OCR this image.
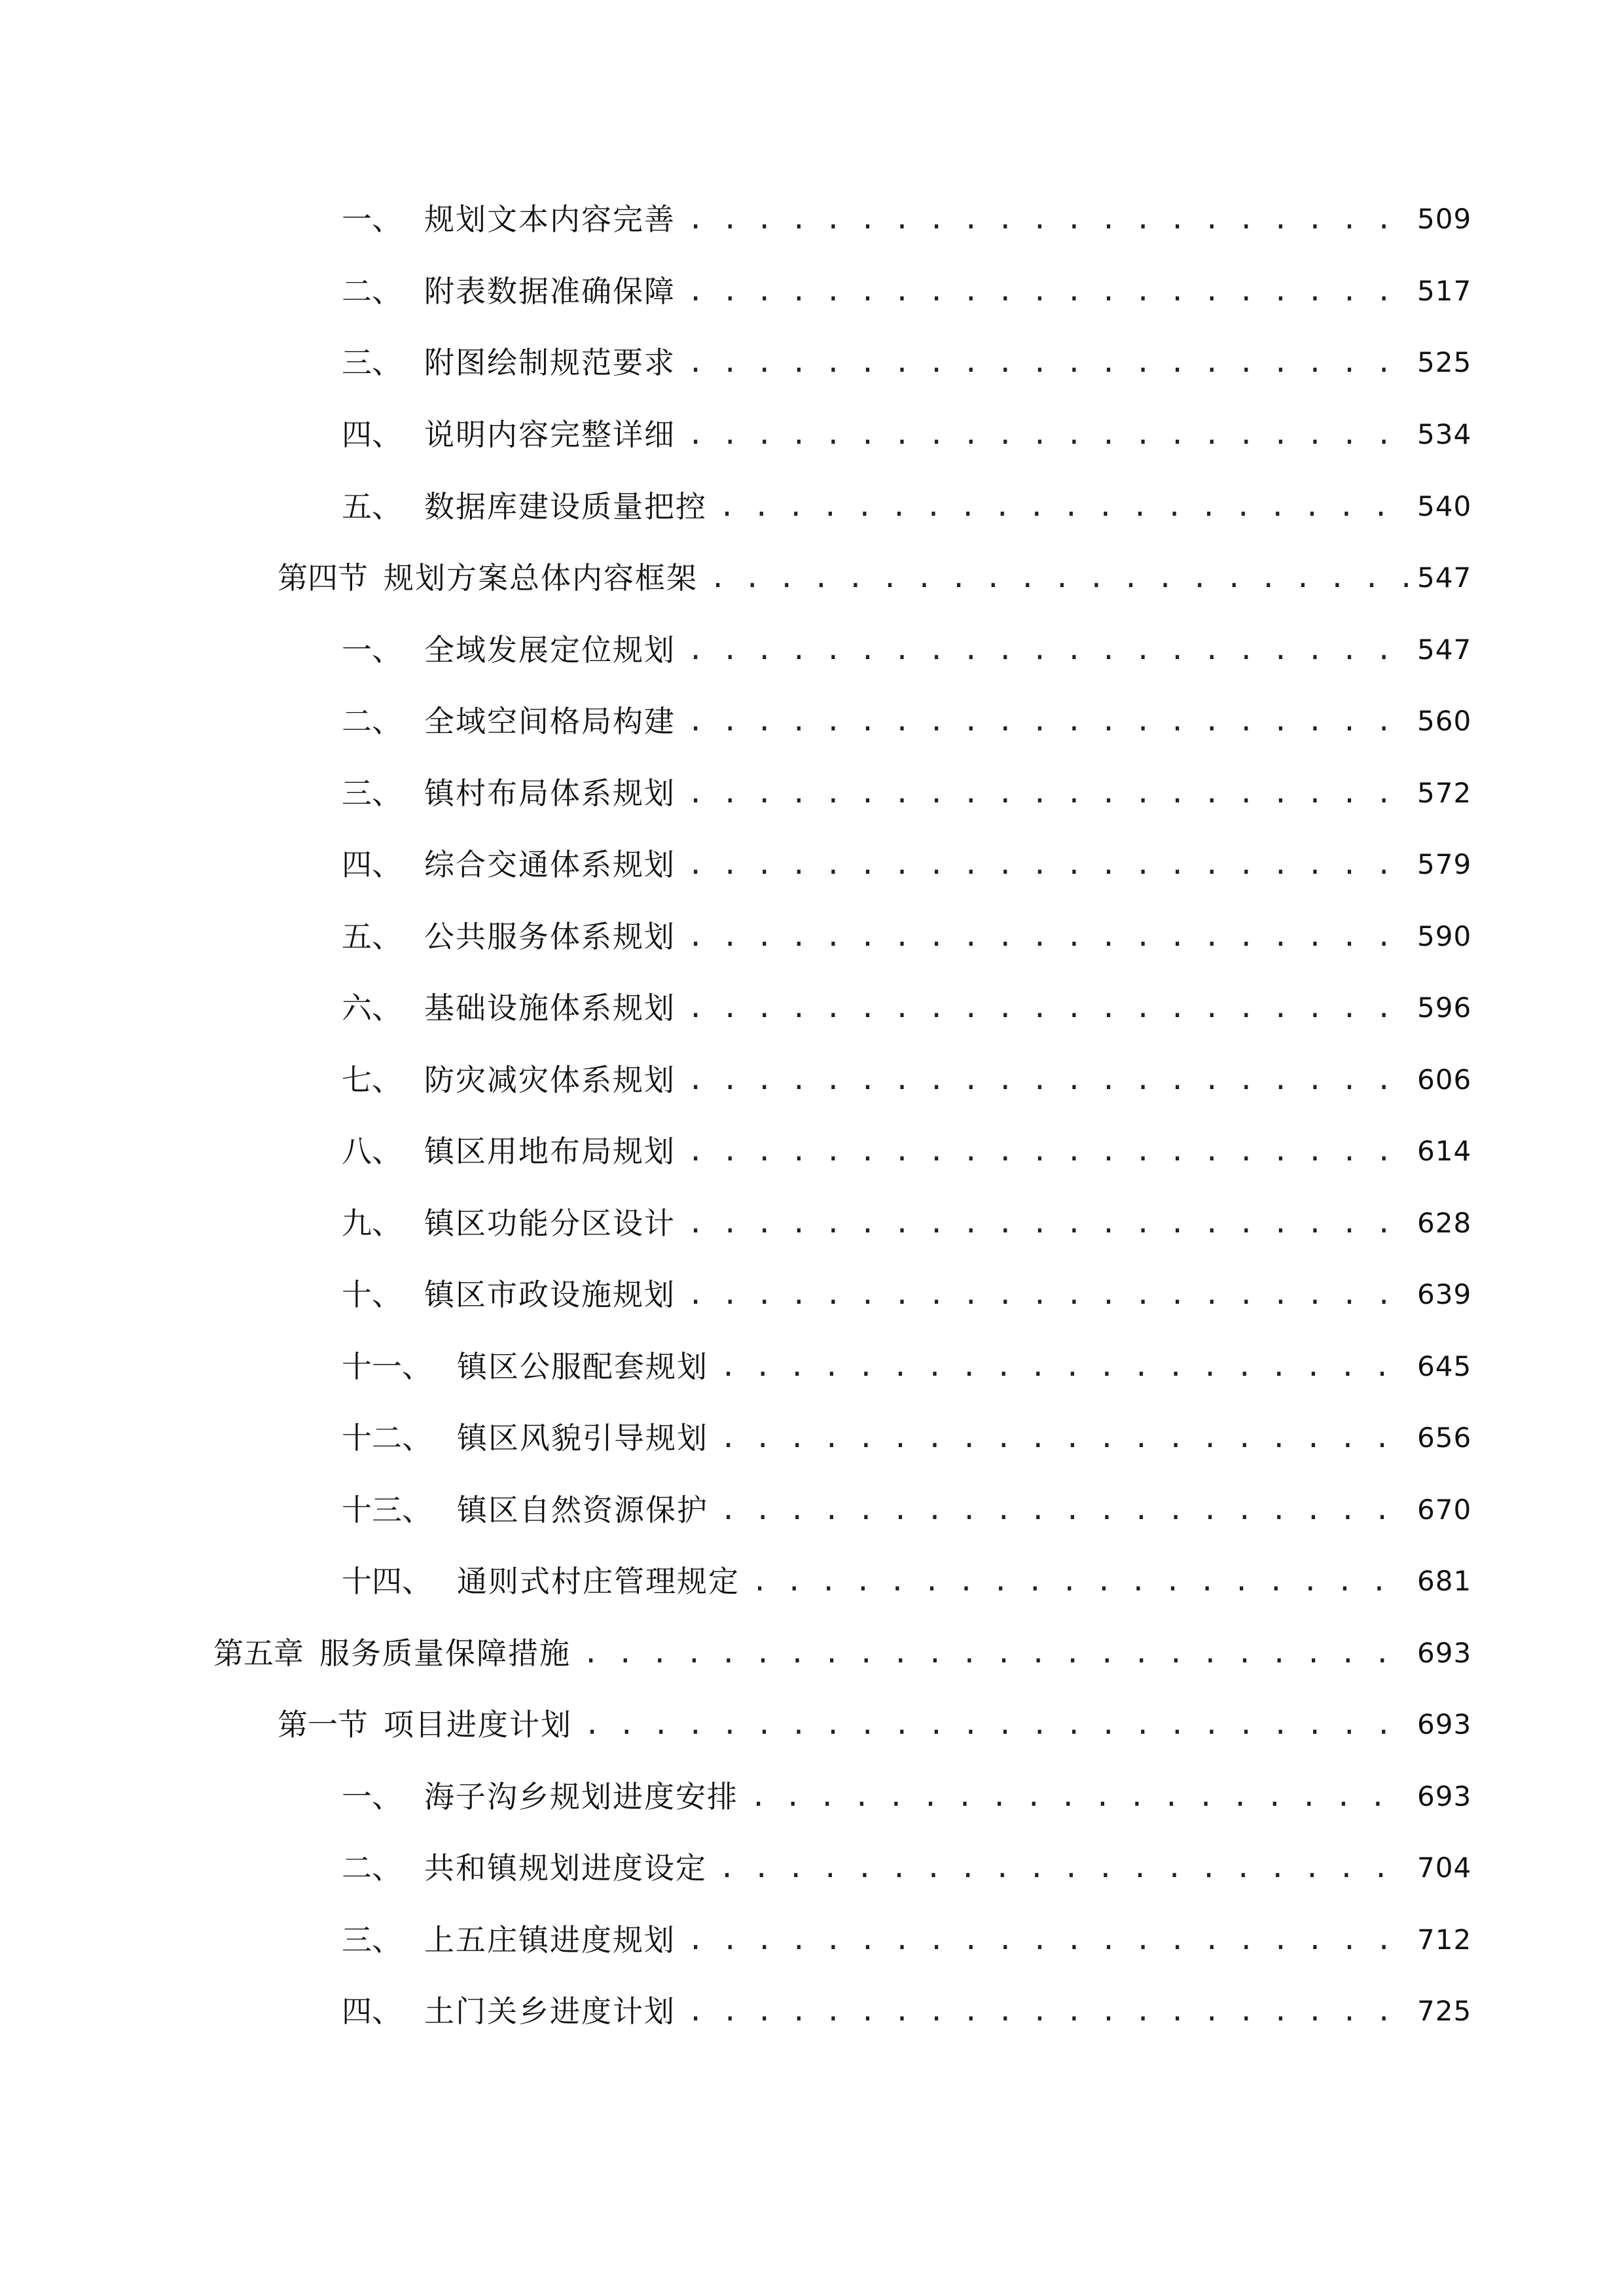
一、 规划文本内容完善 . . .	509
二、 附表数据准确保障 . . .	517
三、 附图绘制规范要求 . . .	525
四、 说明内容完整详细 . . .	534
五、 数据库建设质量把控 . . .	540
第四节 规划方案总体内容框架 . . .	547
一、 全域发展定位规划 . . .	547
二、 全域空间格局构建 . . .	560
三、 镇村布局体系规划 . . .	572
四、 综合交通体系规划 . . .	579
五、 公共服务体系规划 . . .	590
六、 基础设施体系规划 . . .	596
七、 防灾减灾体系规划 . . .	606
八、 镇区用地布局规划 . . .	614
九、 镇区功能分区设计 . . .	628
十、 镇区市政设施规划 . . .	639
十一、 镇区公服配套规划 . . .	645
十二、 镇区风貌引导规划 . . .	656
十三、 镇区自然资源保护 . . .	670
十四、 通则式村庄管理规定 . . .	681
第五章 服务质量保障措施 . . .	693
第一节 项目进度计划 . . .	693
一、 海子沟乡规划进度安排 . . .	693
二、 共和镇规划进度设定 . . .	704
三、 上五庄镇进度规划 . . .	712
四、 土门关乡进度计划 . . .	725
